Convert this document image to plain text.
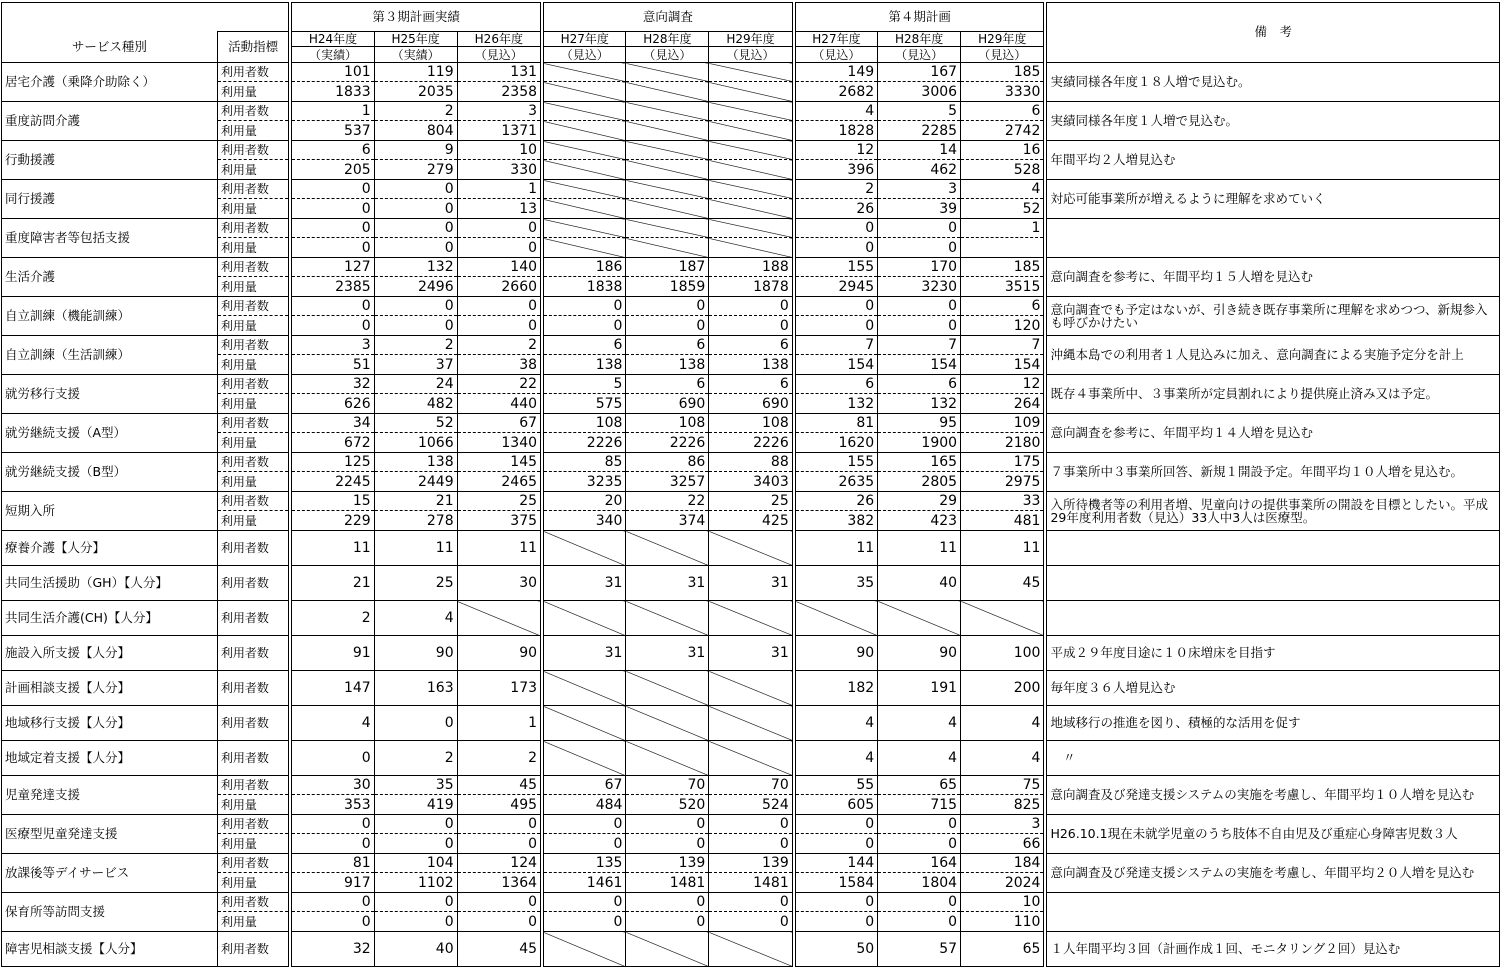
		第３期計画実績			意向調査			第４期計画			備　考
サービス種別	活動指標	H24年度	H25年度	H26年度	H27年度	H28年度	H29年度	H27年度	H28年度	H29年度	
		（実績）	（実績）	（見込）	（見込）	（見込）	（見込）	（見込）	（見込）	（見込）	
居宅介護（乗降介助除く）	利用者数	101	119	131				149	167	185	実績同様各年度１８人増で見込む。
	利用量	1833	2035	2358				2682	3006	3330	
重度訪問介護	利用者数	1	2	3				4	5	6	実績同様各年度１人増で見込む。
	利用量	537	804	1371				1828	2285	2742	
行動援護	利用者数	6	9	10				12	14	16	年間平均２人増見込む
	利用量	205	279	330				396	462	528	
同行援護	利用者数	0	0	1				2	3	4	対応可能事業所が増えるように理解を求めていく
	利用量	0	0	13				26	39	52	
重度障害者等包括支援	利用者数	0	0	0				0	0	1	
	利用量	0	0	0				0	0		
生活介護	利用者数	127	132	140	186	187	188	155	170	185	意向調査を参考に、年間平均１５人増を見込む
	利用量	2385	2496	2660	1838	1859	1878	2945	3230	3515	
自立訓練（機能訓練）	利用者数	0	0	0	0	0	0	0	0	6	意向調査でも予定はないが、引き続き既存事業所に理解を求めつつ、新規参入も呼びかけたい
	利用量	0	0	0	0	0	0	0	0	120	
自立訓練（生活訓練）	利用者数	3	2	2	6	6	6	7	7	7	沖縄本島での利用者１人見込みに加え、意向調査による実施予定分を計上
	利用量	51	37	38	138	138	138	154	154	154	
就労移行支援	利用者数	32	24	22	5	6	6	6	6	12	既存４事業所中、３事業所が定員割れにより提供廃止済み又は予定。
	利用量	626	482	440	575	690	690	132	132	264	
就労継続支援（A型）	利用者数	34	52	67	108	108	108	81	95	109	意向調査を参考に、年間平均１４人増を見込む
	利用量	672	1066	1340	2226	2226	2226	1620	1900	2180	
就労継続支援（B型）	利用者数	125	138	145	85	86	88	155	165	175	７事業所中３事業所回答、新規１開設予定。年間平均１０人増を見込む。
	利用量	2245	2449	2465	3235	3257	3403	2635	2805	2975	
短期入所	利用者数	15	21	25	20	22	25	26	29	33	入所待機者等の利用者増、児童向けの提供事業所の開設を目標としたい。平成29年度利用者数（見込）33人中3人は医療型。
	利用量	229	278	375	340	374	425	382	423	481	
療養介護【人分】	利用者数	11	11	11				11	11	11	
共同生活援助（GH）【人分】	利用者数	21	25	30	31	31	31	35	40	45	
共同生活介護(CH)【人分】	利用者数	2	4								
施設入所支援【人分】	利用者数	91	90	90	31	31	31	90	90	100	平成２９年度目途に１０床増床を目指す
計画相談支援【人分】	利用者数	147	163	173				182	191	200	毎年度３６人増見込む
地域移行支援【人分】	利用者数	4	0	1				4	4	4	地域移行の推進を図り、積極的な活用を促す
地域定着支援【人分】	利用者数	0	2	2				4	4	4	　〃
児童発達支援	利用者数	30	35	45	67	70	70	55	65	75	意向調査及び発達支援システムの実施を考慮し、年間平均１０人増を見込む
	利用量	353	419	495	484	520	524	605	715	825	
医療型児童発達支援	利用者数	0	0	0	0	0	0	0	0	3	H26.10.1現在未就学児童のうち肢体不自由児及び重症心身障害児数３人
	利用量	0	0	0	0	0	0	0	0	66	
放課後等デイサービス	利用者数	81	104	124	135	139	139	144	164	184	意向調査及び発達支援システムの実施を考慮し、年間平均２０人増を見込む
	利用量	917	1102	1364	1461	1481	1481	1584	1804	2024	
保育所等訪問支援	利用者数	0	0	0	0	0	0	0	0	10	
	利用量	0	0	0	0	0	0	0	0	110	
障害児相談支援【人分】	利用者数	32	40	45				50	57	65	１人年間平均３回（計画作成１回、モニタリング２回）見込む
